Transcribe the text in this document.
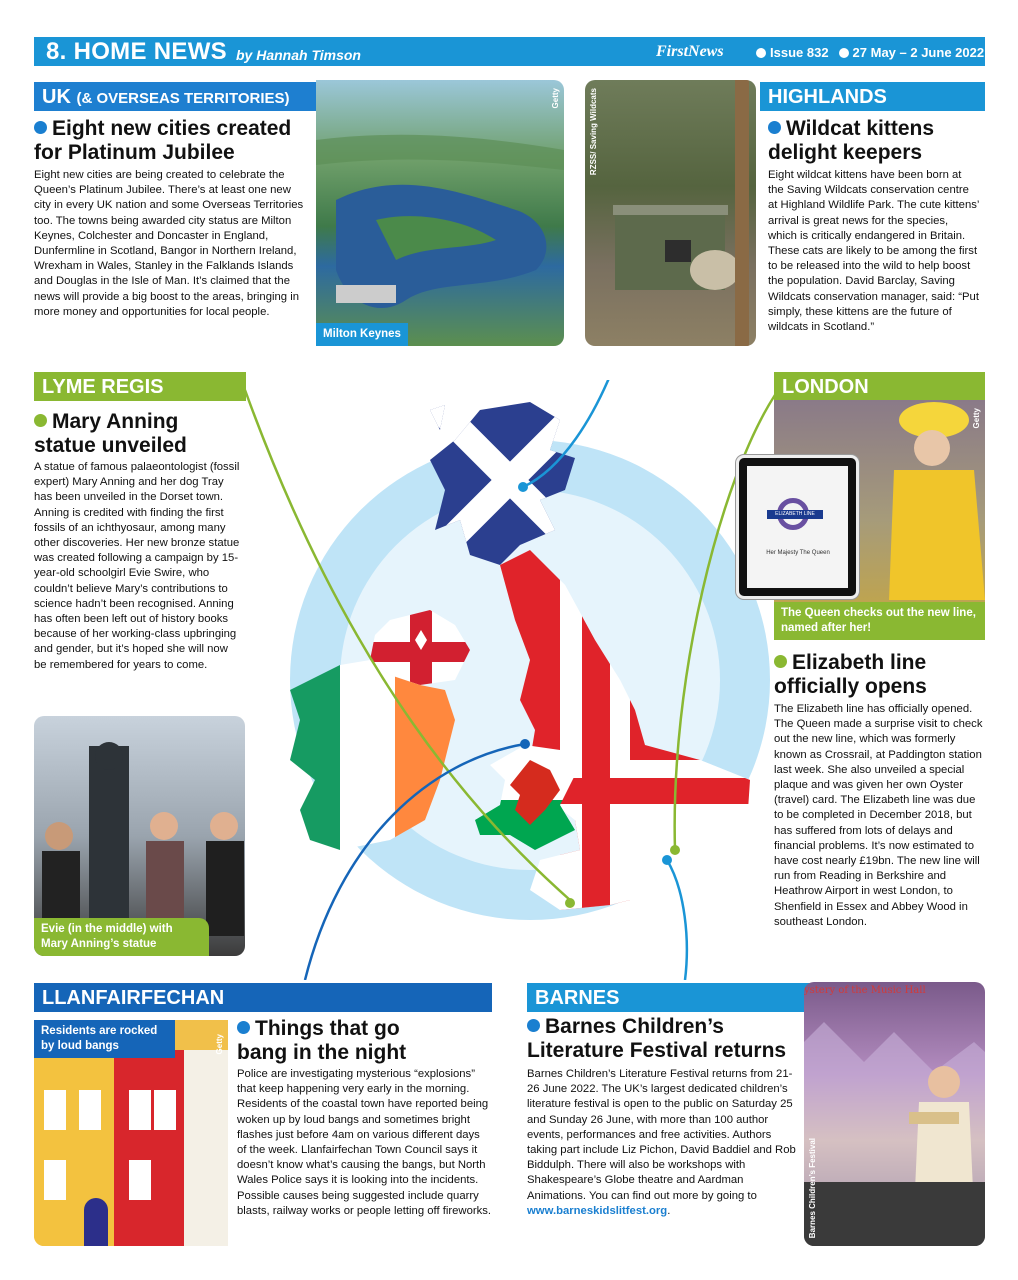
8. HOME NEWS by Hannah Timson	FirstNews	Issue 832 27 May – 2 June 2022
UK (& OVERSEAS TERRITORIES)
Eight new cities created
for Platinum Jubilee
Eight new cities are being created to celebrate the Queen’s Platinum Jubilee. There’s at least one new city in every UK nation and some Overseas Territories too. The towns being awarded city status are Milton Keynes, Colchester and Doncaster in England, Dunfermline in Scotland, Bangor in Northern Ireland, Wrexham in Wales, Stanley in the Falklands Islands and Douglas in the Isle of Man. It’s claimed that the news will provide a big boost to the areas, bringing in more money and opportunities for local people.
Getty
Milton Keynes
RZSS/ Saving Wildcats	HIGHLANDS
Wildcat kittens
delight keepers
Eight wildcat kittens have been born at the Saving Wildcats conservation centre at Highland Wildlife Park. The cute kittens’ arrival is great news for the species, which is critically endangered in Britain. These cats are likely to be among the first to be released into the wild to help boost the population. David Barclay, Saving Wildcats conservation manager, said: “Put simply, these kittens are the future of wildcats in Scotland.”
LYME REGIS
Mary Anning
statue unveiled
A statue of famous palaeontologist (fossil expert) Mary Anning and her dog Tray has been unveiled in the Dorset town. Anning is credited with finding the first fossils of an ichthyosaur, among many other discoveries. Her new bronze statue was created following a campaign by 15-year-old schoolgirl Evie Swire, who couldn’t believe Mary’s contributions to science hadn’t been recognised. Anning has often been left out of history books because of her working-class upbringing and gender, but it’s hoped she will now be remembered for years to come.
Evie (in the middle) with Mary Anning’s statue
LONDON
Getty
The Queen checks out the new line, named after her!
ELIZABETH LINE
Her Majesty The Queen
Elizabeth line
officially opens
The Elizabeth line has officially opened. The Queen made a surprise visit to check out the new line, which was formerly known as Crossrail, at Paddington station last week. She also unveiled a special plaque and was given her own Oyster (travel) card. The Elizabeth line was due to be completed in December 2018, but has suffered from lots of delays and financial problems. It’s now estimated to have cost nearly £19bn. The new line will run from Reading in Berkshire and Heathrow Airport in west London, to Shenfield in Essex and Abbey Wood in southeast London.
LLANFAIRFECHAN
Residents are rocked by loud bangs	Getty
Things that go
bang in the night
Police are investigating mysterious “explosions” that keep happening very early in the morning. Residents of the coastal town have reported being woken up by loud bangs and sometimes bright flashes just before 4am on various different days of the week. Llanfairfechan Town Council says it doesn’t know what’s causing the bangs, but North Wales Police says it is looking into the incidents. Possible causes being suggested include quarry blasts, railway works or people letting off fireworks.
BARNES
Barnes Children’s
Literature Festival returns
Barnes Children’s Literature Festival returns from 21-26 June 2022. The UK’s largest dedicated children’s literature festival is open to the public on Saturday 25 and Sunday 26 June, with more than 100 author events, performances and free activities. Authors taking part include Liz Pichon, David Baddiel and Rob Biddulph. There will also be workshops with Shakespeare’s Globe theatre and Aardman Animations. You can find out more by going to www.barneskidslitfest.org.
ystery of the Music Hall
Barnes Children’s Festival
